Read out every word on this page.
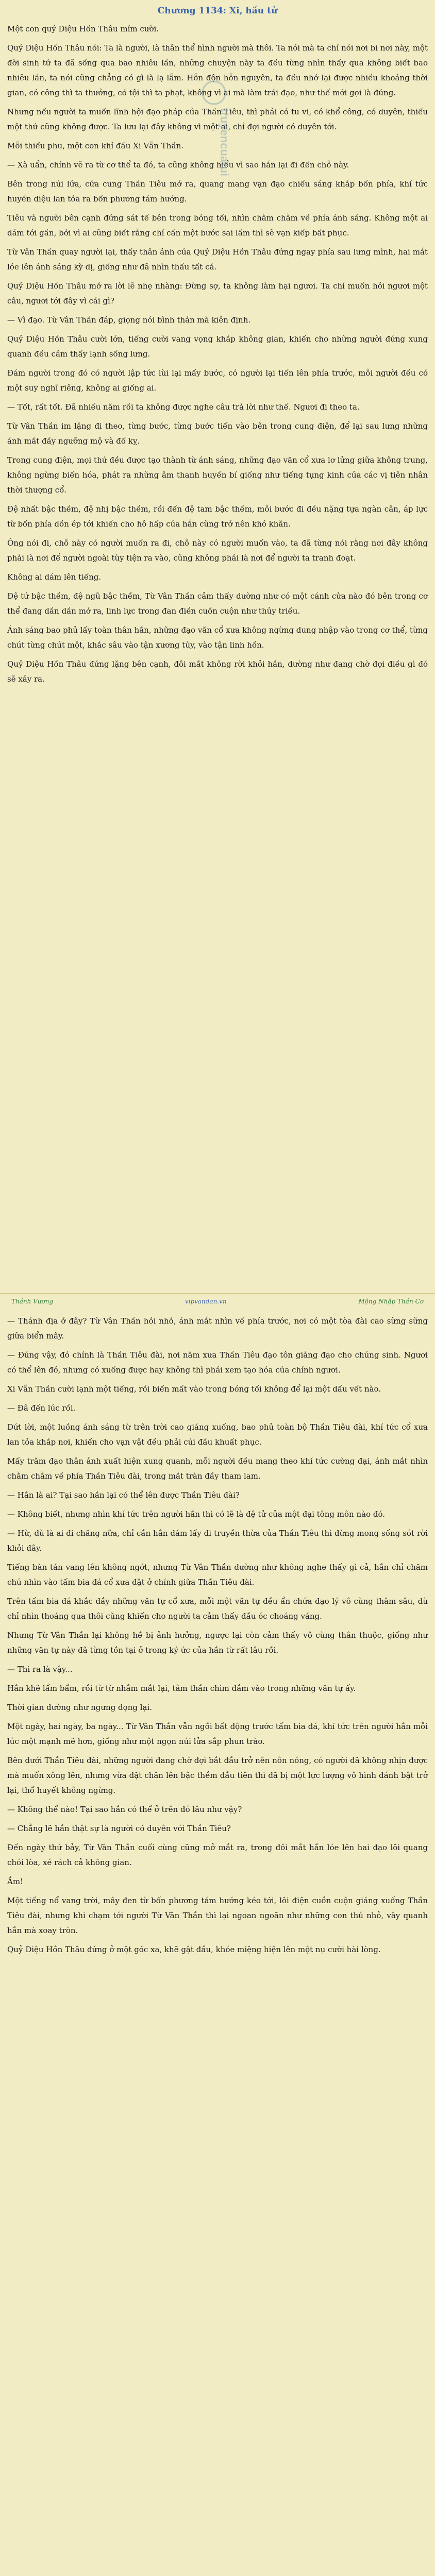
Chương 1134: Xi, hấu tử

Một con quỷ Diệu Hồn Thâu mỉm cười.

Quỷ Diệu Hồn Thâu nói: Ta là người, là thân thể hình người mà thôi. Ta nói mà ta chỉ nói nơi bi nơi này, một đời sinh tử ta đã sống qua bao nhiêu lần, những chuyện này ta đều từng nhìn thấy qua không biết bao nhiêu lần, ta nói cũng chẳng có gì là lạ lẫm. Hỗn độn hỗn nguyên, ta đều nhớ lại được nhiều khoảng thời gian, có công thì ta thưởng, có tội thì ta phạt, không vì ai mà làm trái đạo, như thế mới gọi là đúng.

Nhưng nếu người ta muốn lĩnh hội đạo pháp của Thần Tiêu, thì phải có tu vi, có khổ công, có duyên, thiếu một thứ cũng không được. Ta lưu lại đây không vì một ai, chỉ đợi người có duyên tới.

Mỗi thiếu phu, một con khỉ đầu Xi Vẫn Thần.

— Xà uẩn, chính vẽ ra từ cơ thể ta đó, ta cũng không hiểu vì sao hắn lại đi đến chỗ này.

Bên trong núi lửa, cửa cung Thần Tiêu mở ra, quang mang vạn đạo chiếu sáng khắp bốn phía, khí tức huyền diệu lan tỏa ra bốn phương tám hướng.

Tiêu và người bên cạnh đứng sát tế bên trong bóng tối, nhìn chằm chằm về phía ánh sáng. Không một ai dám tới gần, bởi vì ai cũng biết rằng chỉ cần một bước sai lầm thì sẽ vạn kiếp bất phục.

Từ Vân Thần quay người lại, thấy thân ảnh của Quỷ Diệu Hồn Thâu đứng ngay phía sau lưng mình, hai mắt lóe lên ánh sáng kỳ dị, giống như đã nhìn thấu tất cả.

Quỷ Diệu Hồn Thâu mở ra lời lẽ nhẹ nhàng: Đừng sợ, ta không làm hại ngươi. Ta chỉ muốn hỏi ngươi một câu, ngươi tới đây vì cái gì?

— Vì đạo. Từ Vân Thần đáp, giọng nói bình thản mà kiên định.

Quỷ Diệu Hồn Thâu cười lớn, tiếng cười vang vọng khắp không gian, khiến cho những người đứng xung quanh đều cảm thấy lạnh sống lưng.

Đám người trong đó có người lập tức lùi lại mấy bước, có người lại tiến lên phía trước, mỗi người đều có một suy nghĩ riêng, không ai giống ai.

— Tốt, rất tốt. Đã nhiều năm rồi ta không được nghe câu trả lời như thế. Ngươi đi theo ta.

Từ Vân Thần im lặng đi theo, từng bước, từng bước tiến vào bên trong cung điện, để lại sau lưng những ánh mắt đầy ngưỡng mộ và đố kỵ.

Trong cung điện, mọi thứ đều được tạo thành từ ánh sáng, những đạo văn cổ xưa lơ lửng giữa không trung, không ngừng biến hóa, phát ra những âm thanh huyền bí giống như tiếng tụng kinh của các vị tiên nhân thời thượng cổ.

Đệ nhất bậc thềm, đệ nhị bậc thềm, rồi đến đệ tam bậc thềm, mỗi bước đi đều nặng tựa ngàn cân, áp lực từ bốn phía dồn ép tới khiến cho hô hấp của hắn cũng trở nên khó khăn.

Ông nói đi, chỗ này có người muốn ra đi, chỗ này có người muốn vào, ta đã từng nói rằng nơi đây không phải là nơi để người ngoài tùy tiện ra vào, cũng không phải là nơi để người ta tranh đoạt.

Không ai dám lên tiếng.

Đệ tứ bậc thềm, đệ ngũ bậc thềm, Từ Vân Thần cảm thấy dường như có một cánh cửa nào đó bên trong cơ thể đang dần dần mở ra, linh lực trong đan điền cuồn cuộn như thủy triều.

Ánh sáng bao phủ lấy toàn thân hắn, những đạo văn cổ xưa không ngừng dung nhập vào trong cơ thể, từng chút từng chút một, khắc sâu vào tận xương tủy, vào tận linh hồn.

Quỷ Diệu Hồn Thâu đứng lặng bên cạnh, đôi mắt không rời khỏi hắn, dường như đang chờ đợi điều gì đó sẽ xảy ra.

truyencuatui
Thánh Vương	vipvandan.vn	Mộng Nhập Thần Cơ

— Thánh địa ở đây? Từ Vân Thần hỏi nhỏ, ánh mắt nhìn về phía trước, nơi có một tòa đài cao sừng sững giữa biển mây.

— Đúng vậy, đó chính là Thần Tiêu đài, nơi năm xưa Thần Tiêu đạo tôn giảng đạo cho chúng sinh. Ngươi có thể lên đó, nhưng có xuống được hay không thì phải xem tạo hóa của chính ngươi.

Xi Vẫn Thần cười lạnh một tiếng, rồi biến mất vào trong bóng tối không để lại một dấu vết nào.

— Đã đến lúc rồi.

Dứt lời, một luồng ánh sáng từ trên trời cao giáng xuống, bao phủ toàn bộ Thần Tiêu đài, khí tức cổ xưa lan tỏa khắp nơi, khiến cho vạn vật đều phải cúi đầu khuất phục.

Mấy trăm đạo thân ảnh xuất hiện xung quanh, mỗi người đều mang theo khí tức cường đại, ánh mắt nhìn chằm chằm về phía Thần Tiêu đài, trong mắt tràn đầy tham lam.

— Hắn là ai? Tại sao hắn lại có thể lên được Thần Tiêu đài?

— Không biết, nhưng nhìn khí tức trên người hắn thì có lẽ là đệ tử của một đại tông môn nào đó.

— Hừ, dù là ai đi chăng nữa, chỉ cần hắn dám lấy đi truyền thừa của Thần Tiêu thì đừng mong sống sót rời khỏi đây.

Tiếng bàn tán vang lên không ngớt, nhưng Từ Vân Thần dường như không nghe thấy gì cả, hắn chỉ chăm chú nhìn vào tấm bia đá cổ xưa đặt ở chính giữa Thần Tiêu đài.

Trên tấm bia đá khắc đầy những văn tự cổ xưa, mỗi một văn tự đều ẩn chứa đạo lý vô cùng thâm sâu, dù chỉ nhìn thoáng qua thôi cũng khiến cho người ta cảm thấy đầu óc choáng váng.

Nhưng Từ Vân Thần lại không hề bị ảnh hưởng, ngược lại còn cảm thấy vô cùng thân thuộc, giống như những văn tự này đã từng tồn tại ở trong ký ức của hắn từ rất lâu rồi.

— Thì ra là vậy...

Hắn khẽ lẩm bẩm, rồi từ từ nhắm mắt lại, tâm thần chìm đắm vào trong những văn tự ấy.

Thời gian dường như ngưng đọng lại.

Một ngày, hai ngày, ba ngày... Từ Vân Thần vẫn ngồi bất động trước tấm bia đá, khí tức trên người hắn mỗi lúc một mạnh mẽ hơn, giống như một ngọn núi lửa sắp phun trào.

Bên dưới Thần Tiêu đài, những người đang chờ đợi bắt đầu trở nên nôn nóng, có người đã không nhịn được mà muốn xông lên, nhưng vừa đặt chân lên bậc thềm đầu tiên thì đã bị một lực lượng vô hình đánh bật trở lại, thổ huyết không ngừng.

— Không thể nào! Tại sao hắn có thể ở trên đó lâu như vậy?

— Chẳng lẽ hắn thật sự là người có duyên với Thần Tiêu?

Đến ngày thứ bảy, Từ Vân Thần cuối cùng cũng mở mắt ra, trong đôi mắt hắn lóe lên hai đạo lôi quang chói lòa, xé rách cả không gian.

Ầm!

Một tiếng nổ vang trời, mây đen từ bốn phương tám hướng kéo tới, lôi điện cuồn cuộn giáng xuống Thần Tiêu đài, nhưng khi chạm tới người Từ Vân Thần thì lại ngoan ngoãn như những con thú nhỏ, vây quanh hắn mà xoay tròn.

Quỷ Diệu Hồn Thâu đứng ở một góc xa, khẽ gật đầu, khóe miệng hiện lên một nụ cười hài lòng.
